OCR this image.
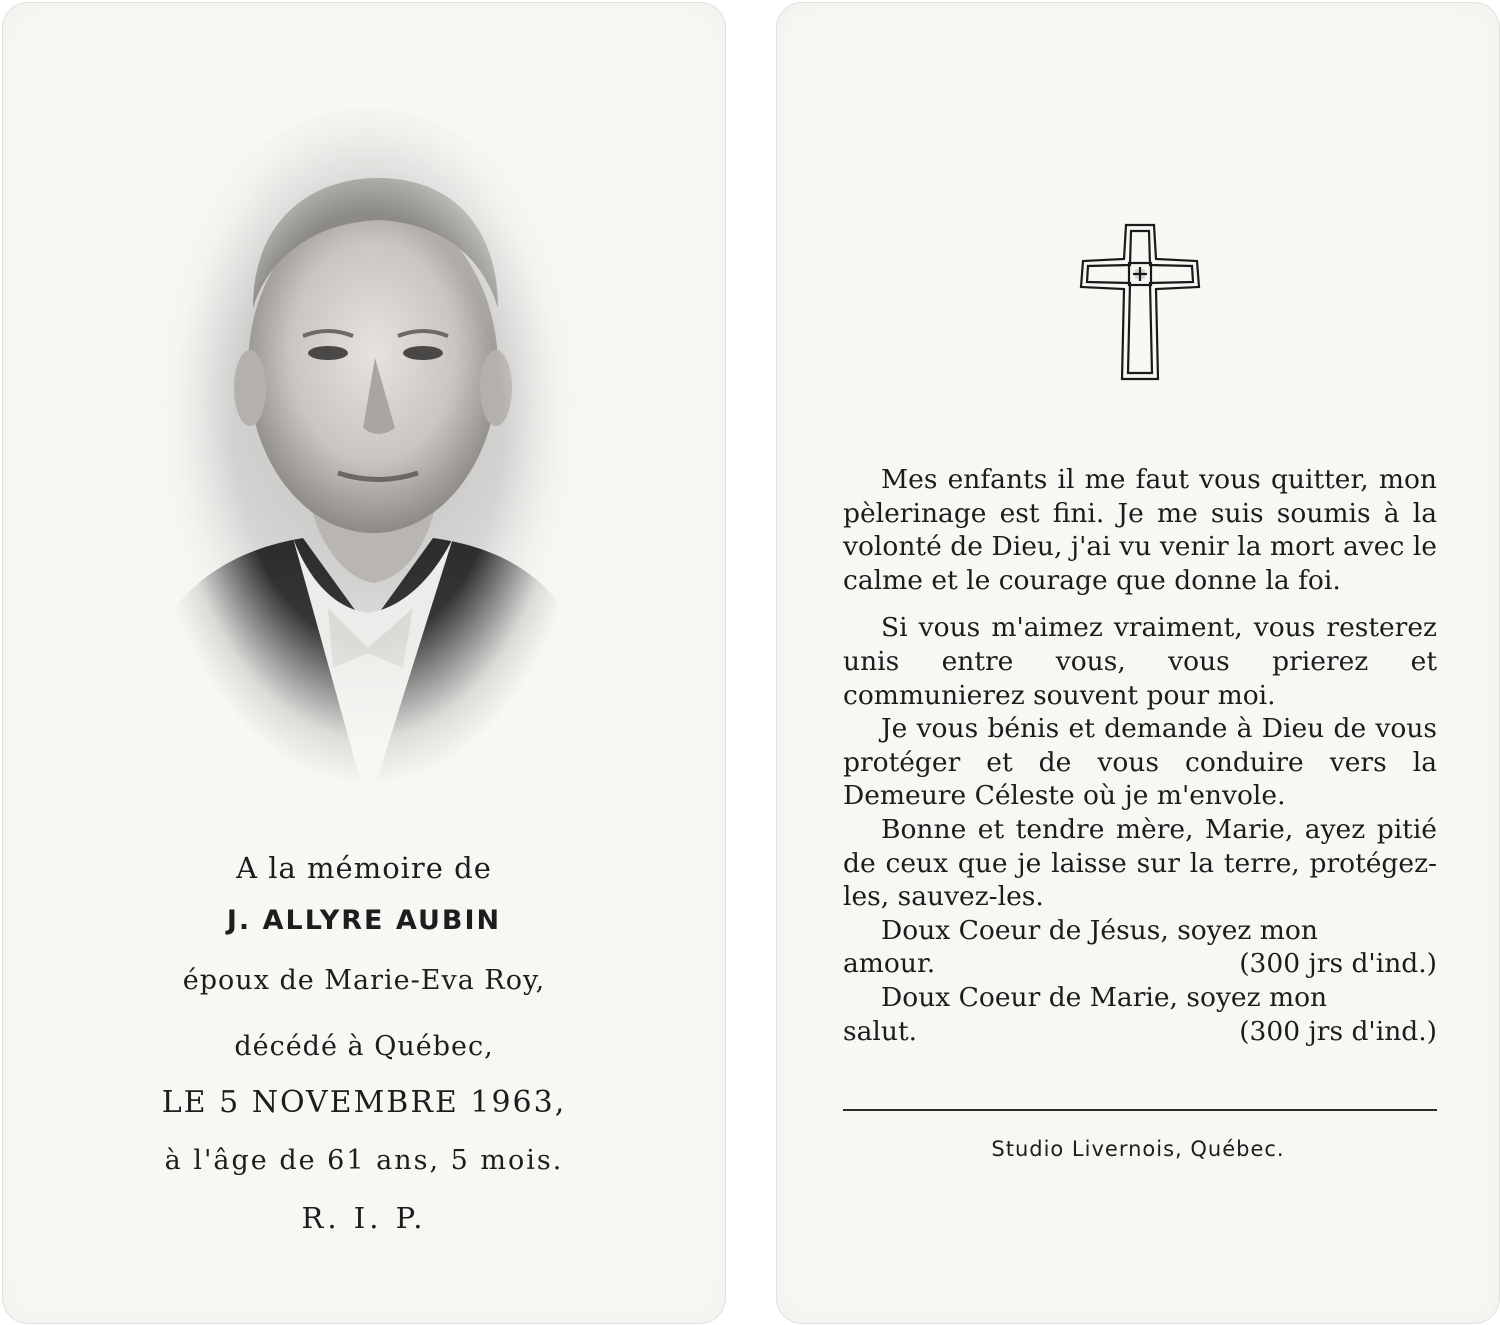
A la mémoire de
J. ALLYRE AUBIN
époux de Marie-Eva Roy,
décédé à Québec,
LE 5 NOVEMBRE 1963,
à l'âge de 61 ans, 5 mois.
R. I. P.

Mes enfants il me faut vous quitter, mon pèlerinage est fini. Je me suis soumis à la volonté de Dieu, j'ai vu venir la mort avec le calme et le courage que donne la foi.

Si vous m'aimez vraiment, vous resterez unis entre vous, vous prierez et communierez souvent pour moi.

Je vous bénis et demande à Dieu de vous protéger et de vous conduire vers la Demeure Céleste où je m'envole.

Bonne et tendre mère, Marie, ayez pitié de ceux que je laisse sur la terre, protégez-les, sauvez-les.

Doux Coeur de Jésus, soyez mon

amour.	(300 jrs d'ind.)

Doux Coeur de Marie, soyez mon

salut.	(300 jrs d'ind.)
Studio Livernois, Québec.
